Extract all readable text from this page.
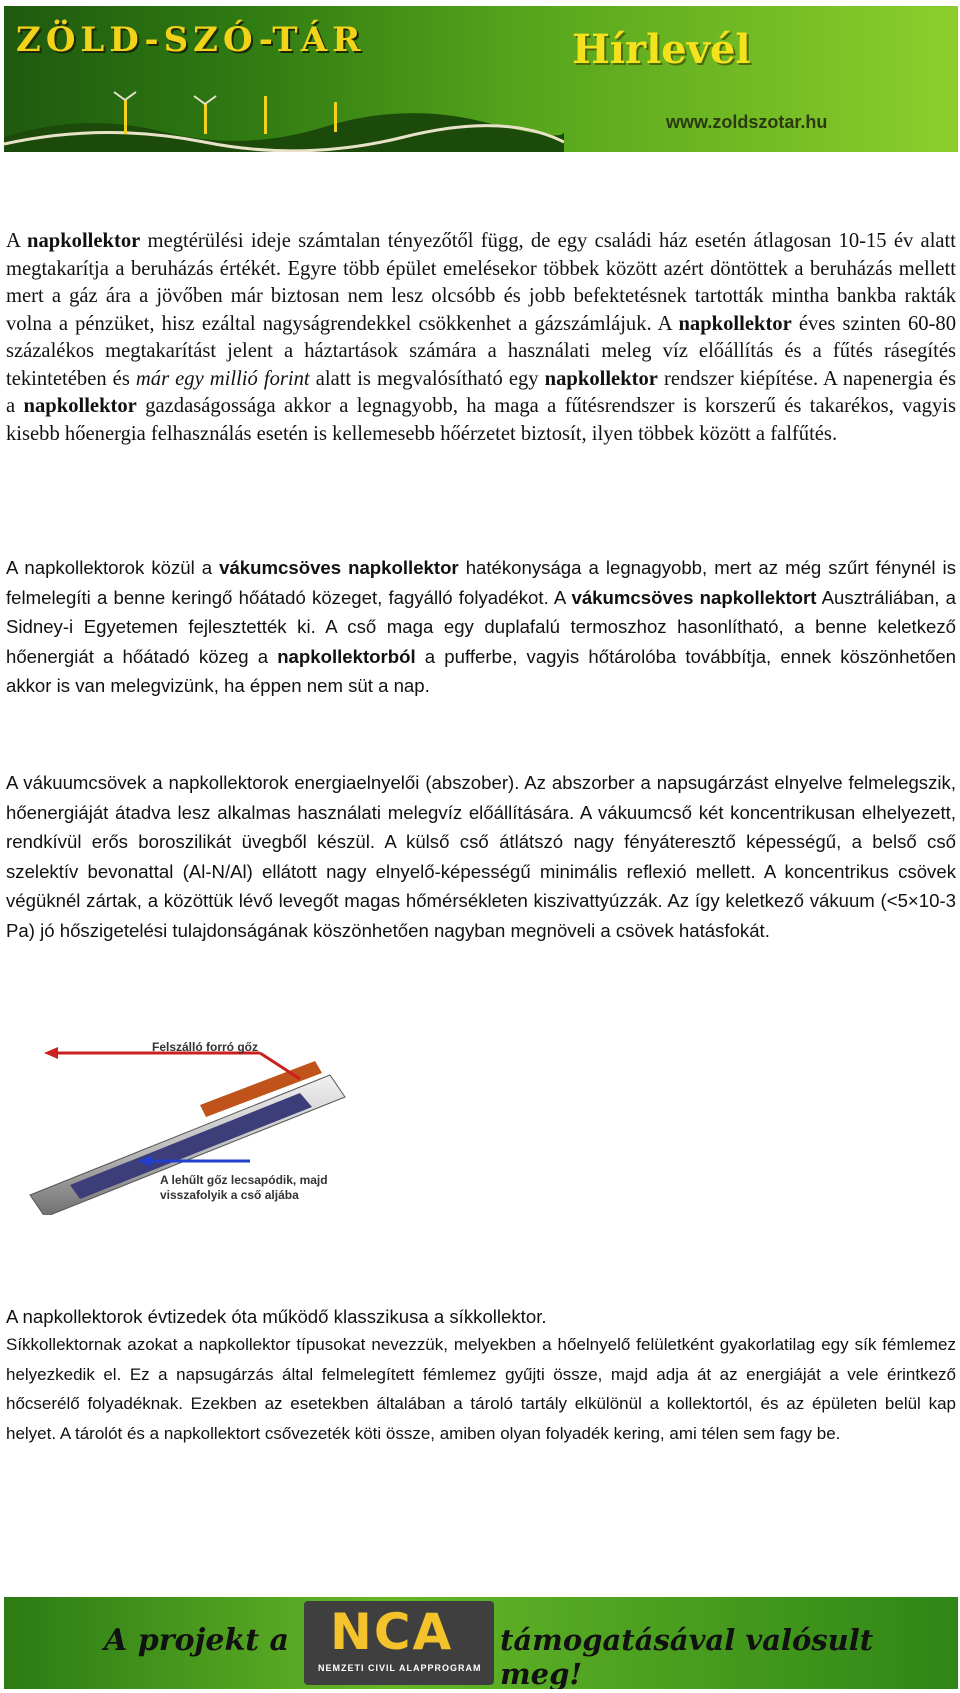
ZÖLD-SZÓ-TÁR	Hírlevél
www.zoldszotar.hu

A napkollektor megtérülési ideje számtalan tényezőtől függ, de egy családi ház esetén átlagosan 10-15 év alatt megtakarítja a beruházás értékét. Egyre több épület emelésekor többek között azért döntöttek a beruházás mellett mert a gáz ára a jövőben már biztosan nem lesz olcsóbb és jobb befektetésnek tartották mintha bankba rakták volna a pénzüket, hisz ezáltal nagyságrendekkel csökkenhet a gázszámlájuk. A napkollektor éves szinten 60-80 százalékos megtakarítást jelent a háztartások számára a használati meleg víz előállítás és a fűtés rásegítés tekintetében és már egy millió forint alatt is megvalósítható egy napkollektor rendszer kiépítése. A napenergia és a napkollektor gazdaságossága akkor a legnagyobb, ha maga a fűtésrendszer is korszerű és takarékos, vagyis kisebb hőenergia felhasználás esetén is kellemesebb hőérzetet biztosít, ilyen többek között a falfűtés.

A napkollektorok közül a vákumcsöves napkollektor hatékonysága a legnagyobb, mert az még szűrt fénynél is felmelegíti a benne keringő hőátadó közeget, fagyálló folyadékot. A vákumcsöves napkollektort Ausztráliában, a Sidney-i Egyetemen fejlesztették ki. A cső maga egy duplafalú termoszhoz hasonlítható, a benne keletkező hőenergiát a hőátadó közeg a napkollektorból a pufferbe, vagyis hőtárolóba továbbítja, ennek köszönhetően akkor is van melegvizünk, ha éppen nem süt a nap.

A vákuumcsövek a napkollektorok energiaelnyelői (abszober). Az abszorber a napsugárzást elnyelve felmelegszik, hőenergiáját átadva lesz alkalmas használati melegvíz előállítására. A vákuumcső két koncentrikusan elhelyezett, rendkívül erős boroszilikát üvegből készül. A külső cső átlátszó nagy fényáteresztő képességű, a belső cső szelektív bevonattal (Al-N/Al) ellátott nagy elnyelő-képességű minimális reflexió mellett. A koncentrikus csövek végüknél zártak, a közöttük lévő levegőt magas hőmérsékleten kiszivattyúzzák. Az így keletkező vákuum (<5×10-3 Pa) jó hőszigetelési tulajdonságának köszönhetően nagyban megnöveli a csövek hatásfokát.

Felszálló forró gőz
A lehűlt gőz lecsapódik, majd
visszafolyik a cső aljába

A napkollektorok évtizedek óta működő klasszikusa a síkkollektor.

Síkkollektornak azokat a napkollektor típusokat nevezzük, melyekben a hőelnyelő felületként gyakorlatilag egy sík fémlemez helyezkedik el. Ez a napsugárzás által felmelegített fémlemez gyűjti össze, majd adja át az energiáját a vele érintkező hőcserélő folyadéknak. Ezekben az esetekben általában a tároló tartály elkülönül a kollektortól, és az épületen belül kap helyet. A tárolót és a napkollektort csővezeték köti össze, amiben olyan folyadék kering, ami télen sem fagy be.

A projekt a NCA
NEMZETI CIVIL ALAPPROGRAM
támogatásával valósult meg!
